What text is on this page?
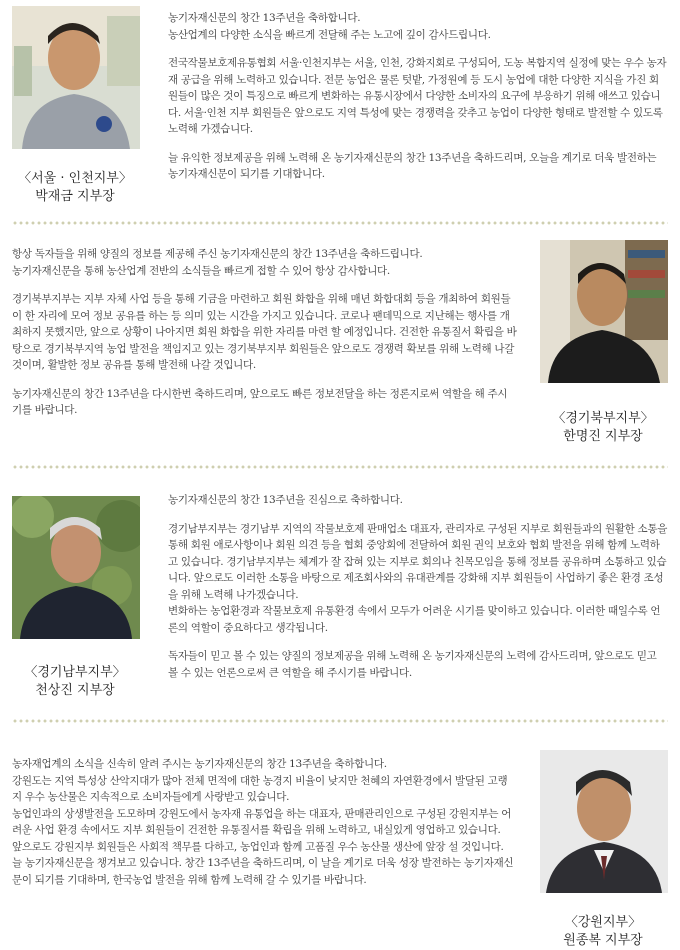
〈서울 · 인천지부〉
박재금 지부장

농기자재신문의 창간 13주년을 축하합니다.
농산업계의 다양한 소식을 빠르게 전달해 주는 노고에 깊이 감사드립니다.

전국작물보호제유통협회 서울·인천지부는 서울, 인천, 강화지회로 구성되어, 도농 복합지역 실정에 맞는 우수 농자재 공급을 위해 노력하고 있습니다. 전문 농업은 물론 텃밭, 가정원예 등 도시 농업에 대한 다양한 지식을 가진 회원들이 많은 것이 특징으로 빠르게 변화하는 유통시장에서 다양한 소비자의 요구에 부응하기 위해 애쓰고 있습니다. 서울·인천 지부 회원들은 앞으로도 지역 특성에 맞는 경쟁력을 갖추고 농업이 다양한 형태로 발전할 수 있도록 노력해 가겠습니다.

늘 유익한 정보제공을 위해 노력해 온 농기자재신문의 창간 13주년을 축하드리며, 오늘을 계기로 더욱 발전하는 농기자재신문이 되기를 기대합니다.

〈경기북부지부〉
한명진 지부장

항상 독자들을 위해 양질의 정보를 제공해 주신 농기자재신문의 창간 13주년을 축하드립니다.
농기자재신문을 통해 농산업계 전반의 소식들을 빠르게 접할 수 있어 항상 감사합니다.

경기북부지부는 지부 자체 사업 등을 통해 기금을 마련하고 회원 화합을 위해 매년 화합대회 등을 개최하여 회원들이 한 자리에 모여 정보 공유를 하는 등 의미 있는 시간을 가지고 있습니다. 코로나 팬데믹으로 지난해는 행사를 개최하지 못했지만, 앞으로 상황이 나아지면 회원 화합을 위한 자리를 마련 할 예정입니다. 건전한 유통질서 확립을 바탕으로 경기북부지역 농업 발전을 책임지고 있는 경기북부지부 회원들은 앞으로도 경쟁력 확보를 위해 노력해 나갈 것이며, 활발한 정보 공유를 통해 발전해 나갈 것입니다.

농기자재신문의 창간 13주년을 다시한번 축하드리며, 앞으로도 빠른 정보전달을 하는 정론지로써 역할을 해 주시기를 바랍니다.

〈경기남부지부〉
천상진 지부장

농기자재신문의 창간 13주년을 진심으로 축하합니다.

경기남부지부는 경기남부 지역의 작물보호제 판매업소 대표자, 관리자로 구성된 지부로 회원들과의 원활한 소통을 통해 회원 애로사항이나 회원 의견 등을 협회 중앙회에 전달하여 회원 권익 보호와 협회 발전을 위해 함께 노력하고 있습니다. 경기남부지부는 체계가 잘 잡혀 있는 지부로 회의나 친목모임을 통해 정보를 공유하며 소통하고 있습니다. 앞으로도 이러한 소통을 바탕으로 제조회사와의 유대관계를 강화해 지부 회원들이 사업하기 좋은 환경 조성을 위해 노력해 나가겠습니다.
변화하는 농업환경과 작물보호제 유통환경 속에서 모두가 어려운 시기를 맞이하고 있습니다. 이러한 때일수록 언론의 역할이 중요하다고 생각됩니다.

독자들이 믿고 볼 수 있는 양질의 정보제공을 위해 노력해 온 농기자재신문의 노력에 감사드리며, 앞으로도 믿고 볼 수 있는 언론으로써 큰 역할을 해 주시기를 바랍니다.

〈강원지부〉
원종복 지부장

농자재업계의 소식을 신속히 알려 주시는 농기자재신문의 창간 13주년을 축하합니다.
강원도는 지역 특성상 산악지대가 많아 전체 면적에 대한 농경지 비율이 낮지만 천혜의 자연환경에서 발달된 고랭지 우수 농산물은 지속적으로 소비자들에게 사랑받고 있습니다.
농업인과의 상생발전을 도모하며 강원도에서 농자재 유통업을 하는 대표자, 판매관리인으로 구성된 강원지부는 어려운 사업 환경 속에서도 지부 회원들이 건전한 유통질서를 확립을 위해 노력하고, 내실있게 영업하고 있습니다.
앞으로도 강원지부 회원들은 사회적 책무를 다하고, 농업인과 함께 고품질 우수 농산물 생산에 앞장 설 것입니다.
늘 농기자재신문을 챙겨보고 있습니다. 창간 13주년을 축하드리며, 이 날을 계기로 더욱 성장 발전하는 농기자재신문이 되기를 기대하며, 한국농업 발전을 위해 함께 노력해 갈 수 있기를 바랍니다.
